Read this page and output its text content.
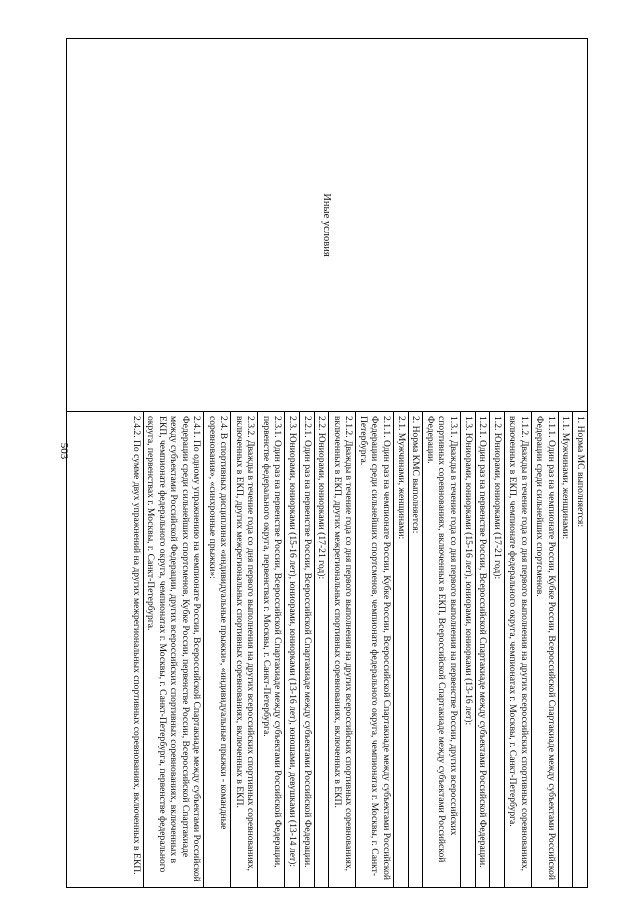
503
Иные условия	
1. Норма МС выполняется:
1.1. Мужчинами, женщинами:
1.1.1. Один раз на чемпионате России, Кубке России, Всероссийской Спартакиаде между субъектами Российской Федерации среди сильнейших спортсменов.
1.1.2. Дважды в течение года со дня первого выполнения на других всероссийских спортивных соревнованиях, включенных в ЕКП, чемпионате федерального округа, чемпионатах г. Москвы, г. Санкт-Петербурга.
1.2. Юниорами, юниорками (17-21 год):
1.2.1. Один раз на первенстве России, Всероссийской Спартакиаде между субъектами Российской Федерации.
1.3. Юниорами, юниорками (15-16 лет), юниорами, юниорками (13-16 лет):
1.3.1. Дважды в течение года со дня первого выполнения на первенстве России, других всероссийских спортивных соревнованиях, включенных в ЕКП, Всероссийской Спартакиаде между субъектами Российской Федерации.
2. Норма КМС выполняется:
2.1. Мужчинами, женщинами:
2.1.1. Один раз на чемпионате России, Кубке России, Всероссийской Спартакиаде между субъектами Российской Федерации среди сильнейших спортсменов, чемпионате федерального округа, чемпионатах г. Москвы, г. Санкт-Петербурга.
2.1.2. Дважды в течение года со дня первого выполнения на других всероссийских спортивных соревнованиях, включенных в ЕКП, других межрегиональных спортивных соревнованиях, включенных в ЕКП.
2.2. Юниорами, юниорками (17-21 год):
2.2.1. Один раз на первенстве России, Всероссийской Спартакиаде между субъектами Российской Федерации.
2.3. Юниорами, юниорками (15-16 лет), юниорами, юниорками (13-16 лет), юношами, девушками (13-14 лет):
2.3.1. Один раз на первенстве России, Всероссийской Спартакиаде между субъектами Российской Федерации, первенстве федерального округа, первенствах г. Москвы, г. Санкт-Петербурга.
2.3.2. Дважды в течение года со дня первого выполнения на других всероссийских спортивных соревнованиях, включенных в ЕКП, других межрегиональных спортивных соревнованиях, включенных в ЕКП.
2.4. В спортивных дисциплинах «индивидуальные прыжки», «индивидуальные прыжки - командные соревнования», «синхронные прыжки»:
2.4.1. По одному упражнению на чемпионате России, Всероссийской Спартакиаде между субъектами Российской Федерации среди сильнейших спортсменов, Кубке России, первенстве России, Всероссийской Спартакиаде между субъектами Российской Федерации, других всероссийских спортивных соревнованиях, включенных в ЕКП, чемпионате федерального округа, чемпионатах г. Москвы, г. Санкт-Петербурга, первенстве федерального округа, первенствах г. Москвы, г. Санкт-Петербурга.
2.4.2. По сумме двух упражнений на других межрегиональных спортивных соревнованиях, включенных в ЕКП.
